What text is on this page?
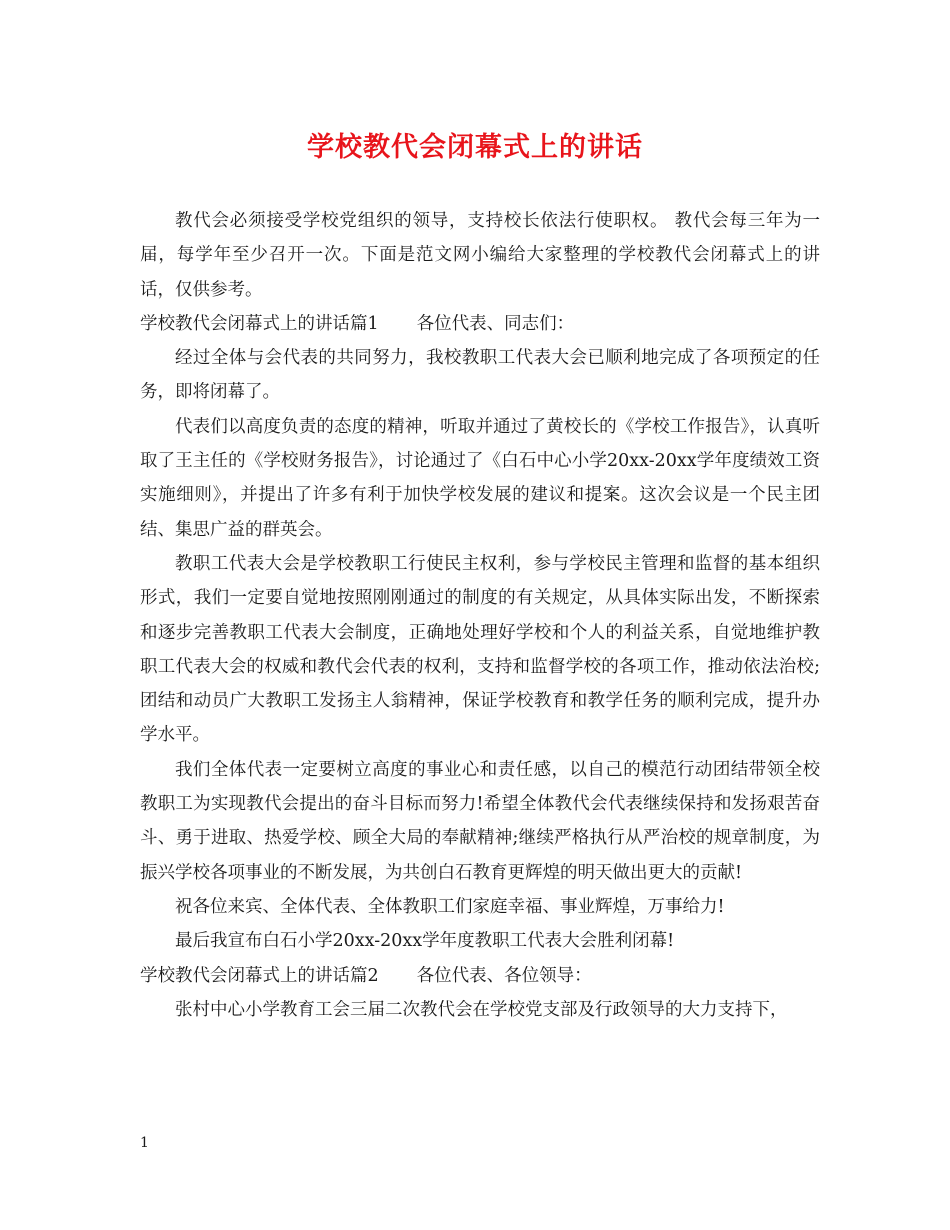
学校教代会闭幕式上的讲话

教代会必须接受学校党组织的领导，支持校长依法行使职权。 教代会每三年为一届，每学年至少召开一次。下面是范文网小编给大家整理的学校教代会闭幕式上的讲话，仅供参考。

学校教代会闭幕式上的讲话篇1 各位代表、同志们：

经过全体与会代表的共同努力，我校教职工代表大会已顺利地完成了各项预定的任务，即将闭幕了。

代表们以高度负责的态度的精神，听取并通过了黄校长的《学校工作报告》，认真听取了王主任的《学校财务报告》，讨论通过了《白石中心小学20xx-20xx学年度绩效工资实施细则》，并提出了许多有利于加快学校发展的建议和提案。这次会议是一个民主团结、集思广益的群英会。

教职工代表大会是学校教职工行使民主权利，参与学校民主管理和监督的基本组织形式，我们一定要自觉地按照刚刚通过的制度的有关规定，从具体实际出发，不断探索和逐步完善教职工代表大会制度，正确地处理好学校和个人的利益关系，自觉地维护教职工代表大会的权威和教代会代表的权利，支持和监督学校的各项工作，推动依法治校;团结和动员广大教职工发扬主人翁精神，保证学校教育和教学任务的顺利完成，提升办学水平。

我们全体代表一定要树立高度的事业心和责任感，以自己的模范行动团结带领全校教职工为实现教代会提出的奋斗目标而努力!希望全体教代会代表继续保持和发扬艰苦奋斗、勇于进取、热爱学校、顾全大局的奉献精神;继续严格执行从严治校的规章制度，为振兴学校各项事业的不断发展，为共创白石教育更辉煌的明天做出更大的贡献!

祝各位来宾、全体代表、全体教职工们家庭幸福、事业辉煌，万事给力!

最后我宣布白石小学20xx-20xx学年度教职工代表大会胜利闭幕!

学校教代会闭幕式上的讲话篇2 各位代表、各位领导：

张村中心小学教育工会三届二次教代会在学校党支部及行政领导的大力支持下，

1
